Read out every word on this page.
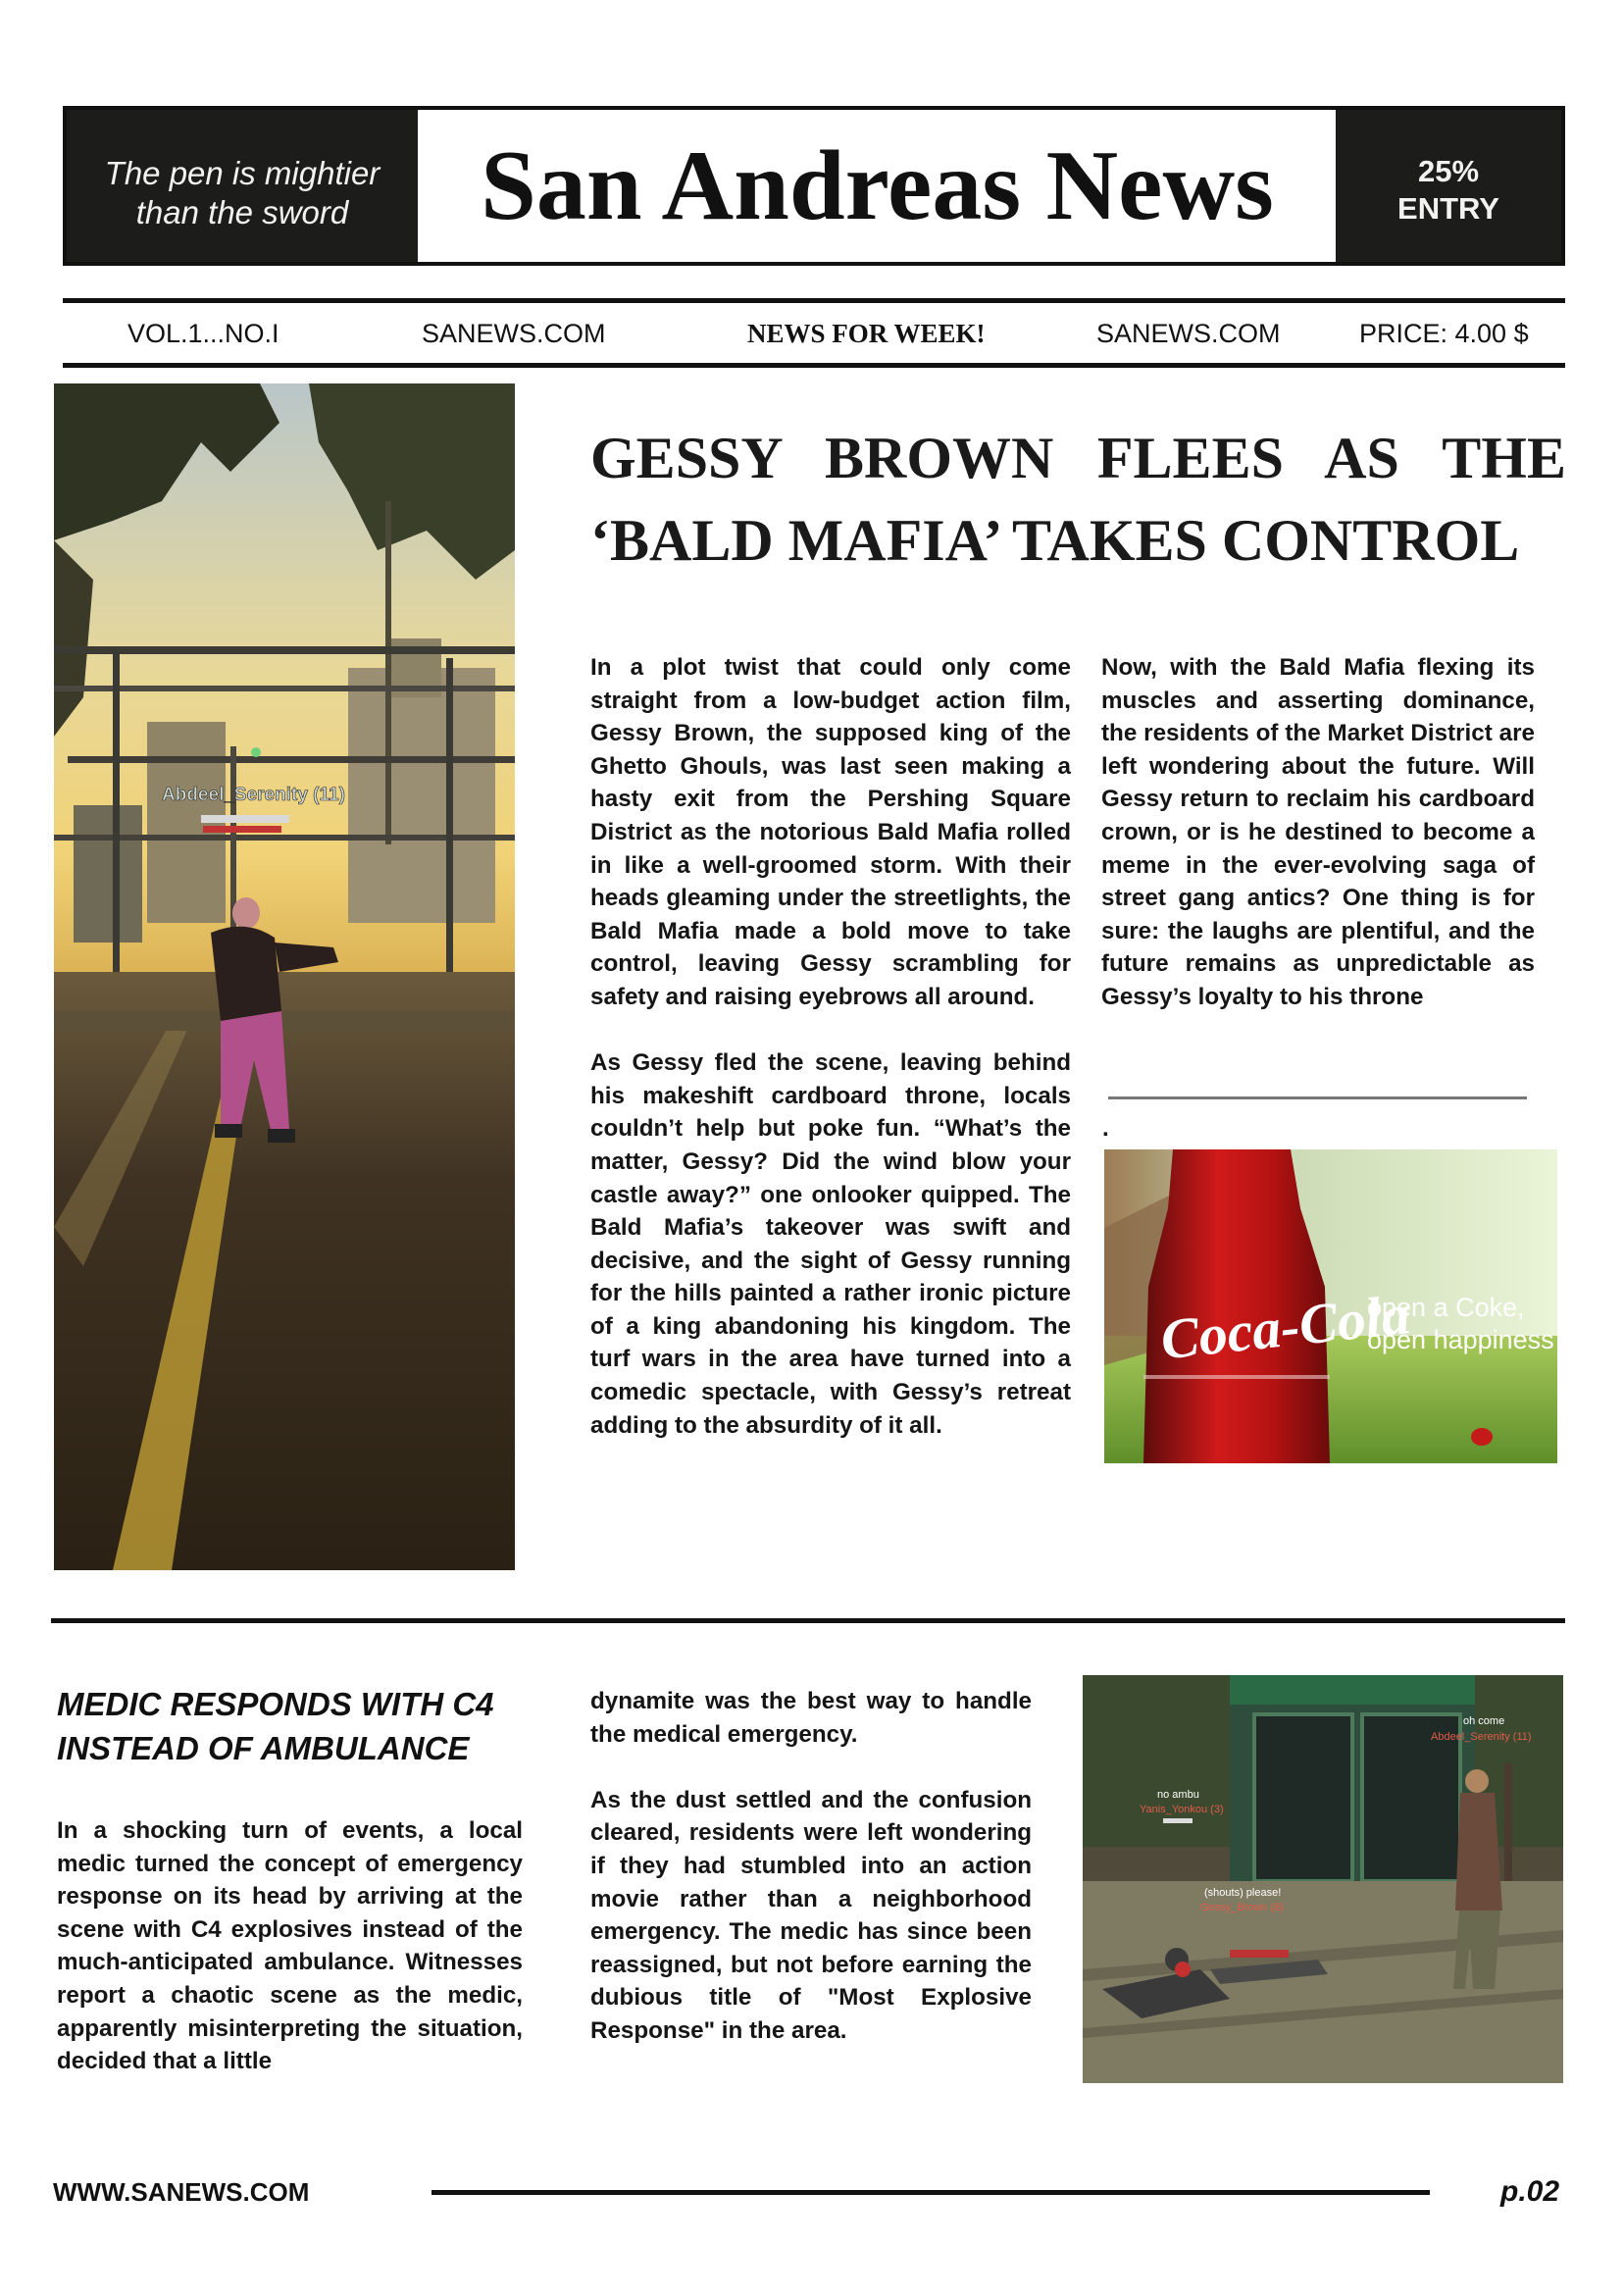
The pen is mightier
than the sword	San Andreas News	25%
ENTRY
VOL.1...NO.I	SANEWS.COM	NEWS FOR WEEK!	SANEWS.COM	PRICE: 4.00 $
Abdeel_Serenity (11)
GESSY BROWN FLEES AS THE
‘BALD MAFIA’ TAKES CONTROL

In a plot twist that could only come straight from a low-budget action film, Gessy Brown, the supposed king of the Ghetto Ghouls, was last seen making a hasty exit from the Pershing Square District as the notorious Bald Mafia rolled in like a well-groomed storm. With their heads gleaming under the streetlights, the Bald Mafia made a bold move to take control, leaving Gessy scrambling for safety and raising eyebrows all around.

As Gessy fled the scene, leaving behind his makeshift cardboard throne, locals couldn’t help but poke fun. “What’s the matter, Gessy? Did the wind blow your castle away?” one onlooker quipped. The Bald Mafia’s takeover was swift and decisive, and the sight of Gessy running for the hills painted a rather ironic picture of a king abandoning his kingdom. The turf wars in the area have turned into a comedic spectacle, with Gessy’s retreat adding to the absurdity of it all.

Now, with the Bald Mafia flexing its muscles and asserting dominance, the residents of the Market District are left wondering about the future. Will Gessy return to reclaim his cardboard crown, or is he destined to become a meme in the ever-evolving saga of street gang antics? One thing is for sure: the laughs are plentiful, and the future remains as unpredictable as Gessy’s loyalty to his throne

.
Coca-Cola
open a Coke,
open happiness
MEDIC RESPONDS WITH C4 INSTEAD OF AMBULANCE

In a shocking turn of events, a local medic turned the concept of emergency response on its head by arriving at the scene with C4 explosives instead of the much-anticipated ambulance. Witnesses report a chaotic scene as the medic, apparently misinterpreting the situation, decided that a little

dynamite was the best way to handle the medical emergency.

As the dust settled and the confusion cleared, residents were left wondering if they had stumbled into an action movie rather than a neighborhood emergency. The medic has since been reassigned, but not before earning the dubious title of "Most Explosive Response" in the area.

oh come
Abdeel_Serenity (11)
no ambu
Yanis_Yonkou (3)
(shouts) please!
Gessy_Brown (8)
WWW.SANEWS.COM	p.02
